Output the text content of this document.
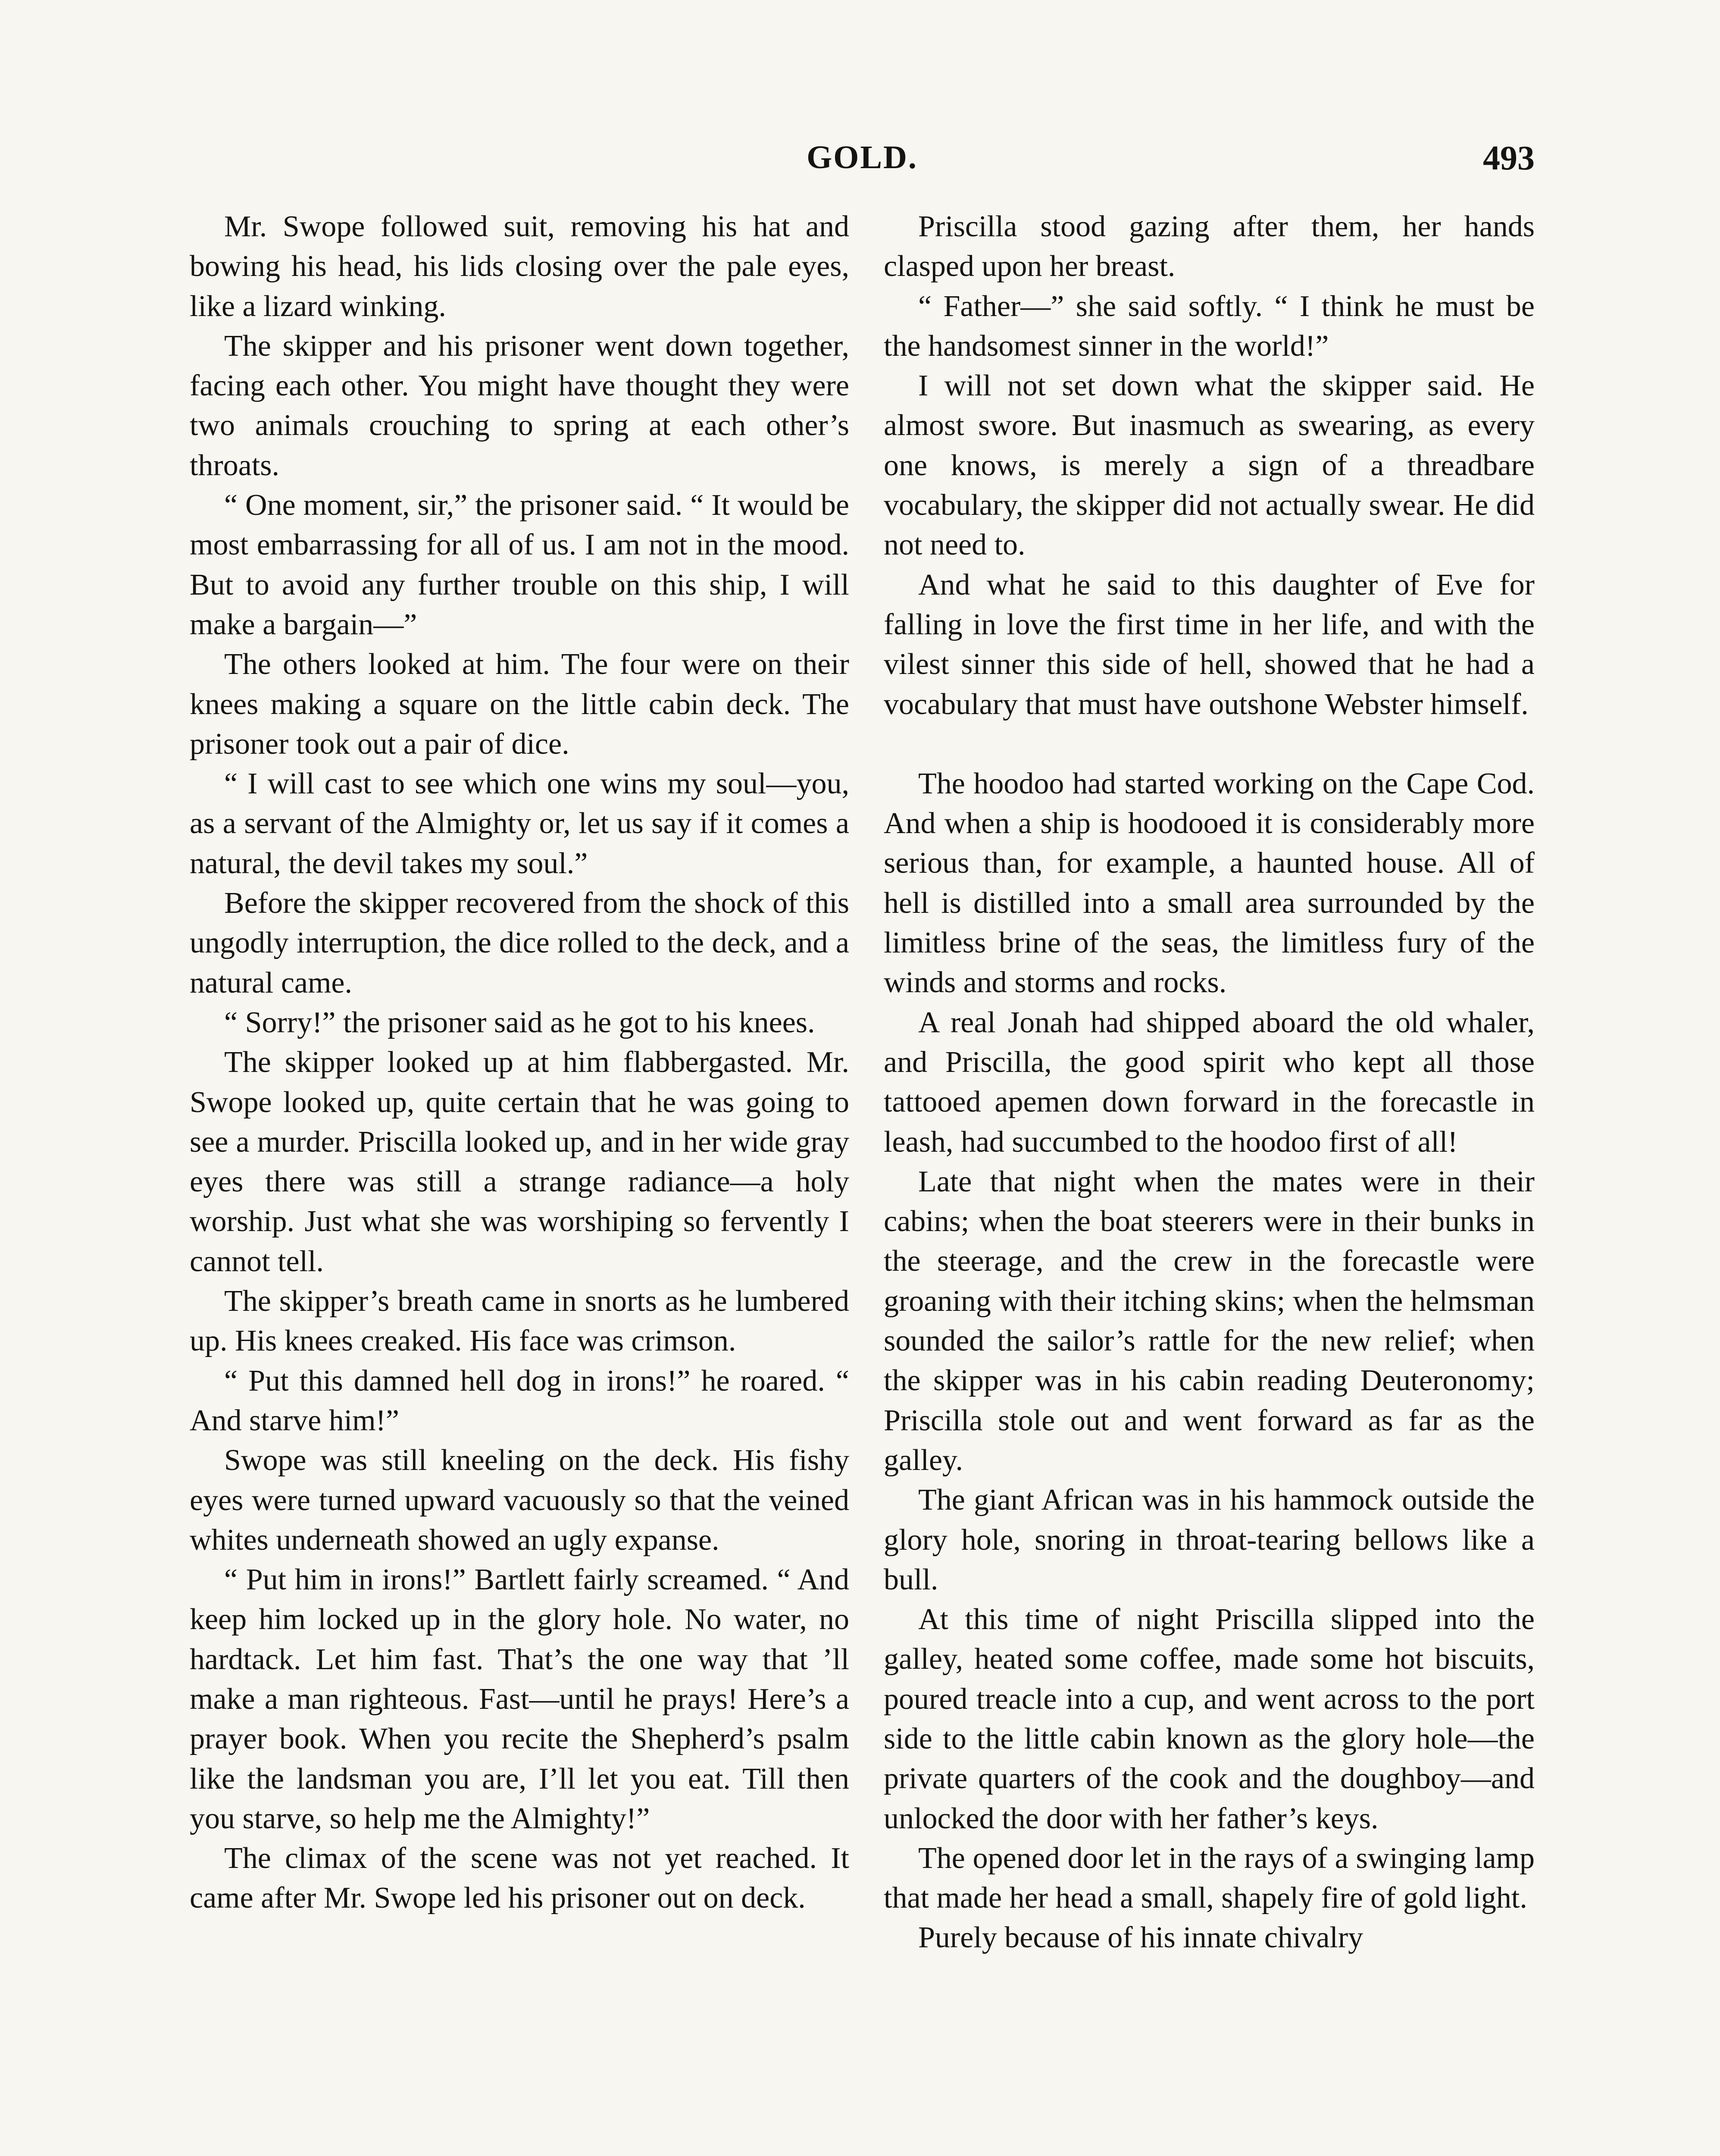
GOLD.	493

Mr. Swope followed suit, removing his hat and bowing his head, his lids closing over the pale eyes, like a lizard winking.

The skipper and his prisoner went down together, facing each other. You might have thought they were two animals crouching to spring at each other’s throats.

“ One moment, sir,” the prisoner said. “ It would be most embarrassing for all of us. I am not in the mood. But to avoid any further trouble on this ship, I will make a bargain—”

The others looked at him. The four were on their knees making a square on the little cabin deck. The prisoner took out a pair of dice.

“ I will cast to see which one wins my soul—you, as a servant of the Almighty or, let us say if it comes a natural, the devil takes my soul.”

Before the skipper recovered from the shock of this ungodly interruption, the dice rolled to the deck, and a natural came.

“ Sorry!” the prisoner said as he got to his knees.

The skipper looked up at him flabbergasted. Mr. Swope looked up, quite certain that he was going to see a murder. Priscilla looked up, and in her wide gray eyes there was still a strange radiance—a holy worship. Just what she was worshiping so fervently I cannot tell.

The skipper’s breath came in snorts as he lumbered up. His knees creaked. His face was crimson.

“ Put this damned hell dog in irons!” he roared. “ And starve him!”

Swope was still kneeling on the deck. His fishy eyes were turned upward vacuously so that the veined whites underneath showed an ugly expanse.

“ Put him in irons!” Bartlett fairly screamed. “ And keep him locked up in the glory hole. No water, no hardtack. Let him fast. That’s the one way that ’ll make a man righteous. Fast—until he prays! Here’s a prayer book. When you recite the Shepherd’s psalm like the landsman you are, I’ll let you eat. Till then you starve, so help me the Almighty!”

The climax of the scene was not yet reached. It came after Mr. Swope led his prisoner out on deck.

Priscilla stood gazing after them, her hands clasped upon her breast.

“ Father—” she said softly. “ I think he must be the handsomest sinner in the world!”

I will not set down what the skipper said. He almost swore. But inasmuch as swearing, as every one knows, is merely a sign of a threadbare vocabulary, the skipper did not actually swear. He did not need to.

And what he said to this daughter of Eve for falling in love the first time in her life, and with the vilest sinner this side of hell, showed that he had a vocabulary that must have outshone Webster himself.

The hoodoo had started working on the Cape Cod. And when a ship is hoodooed it is considerably more serious than, for example, a haunted house. All of hell is distilled into a small area surrounded by the limitless brine of the seas, the limitless fury of the winds and storms and rocks.

A real Jonah had shipped aboard the old whaler, and Priscilla, the good spirit who kept all those tattooed apemen down forward in the forecastle in leash, had succumbed to the hoodoo first of all!

Late that night when the mates were in their cabins; when the boat steerers were in their bunks in the steerage, and the crew in the forecastle were groaning with their itching skins; when the helmsman sounded the sailor’s rattle for the new relief; when the skipper was in his cabin reading Deuteronomy; Priscilla stole out and went forward as far as the galley.

The giant African was in his hammock outside the glory hole, snoring in throat-tearing bellows like a bull.

At this time of night Priscilla slipped into the galley, heated some coffee, made some hot biscuits, poured treacle into a cup, and went across to the port side to the little cabin known as the glory hole—the private quarters of the cook and the doughboy—and unlocked the door with her father’s keys.

The opened door let in the rays of a swinging lamp that made her head a small, shapely fire of gold light.

Purely because of his innate chivalry
